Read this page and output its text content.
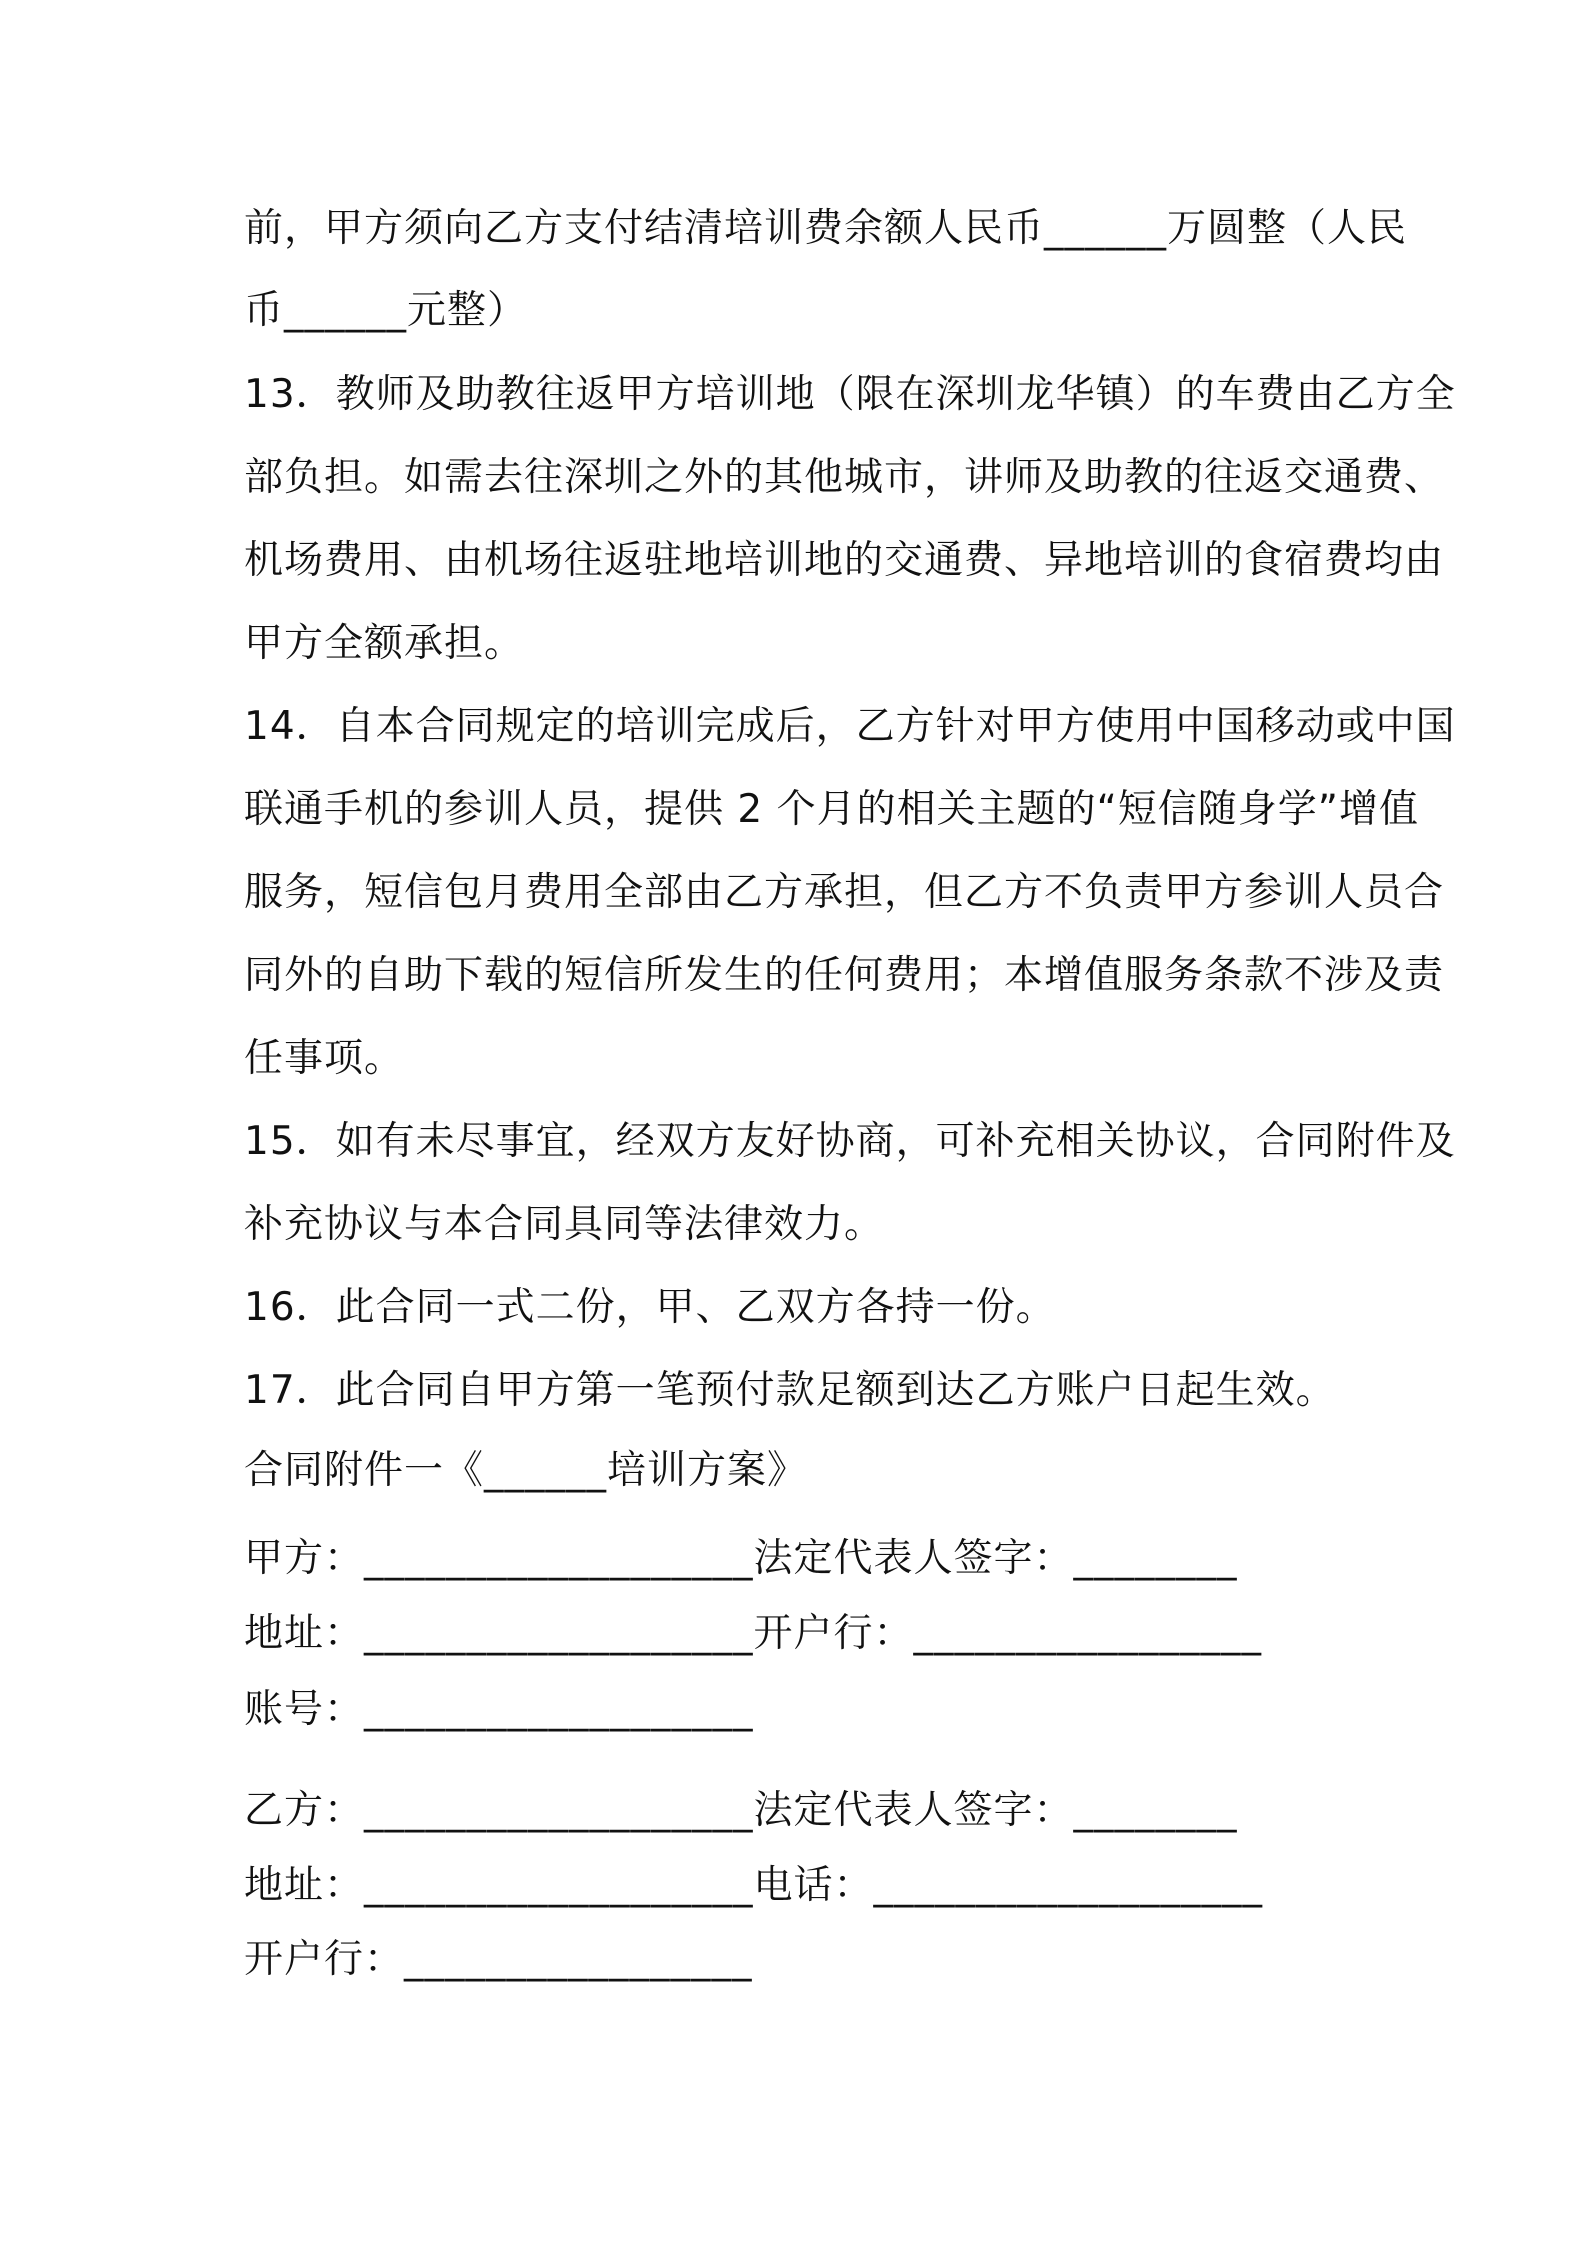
前，甲方须向乙方支付结清培训费余额人民币______万圆整（人民
币______元整）
13．教师及助教往返甲方培训地（限在深圳龙华镇）的车费由乙方全
部负担。如需去往深圳之外的其他城市，讲师及助教的往返交通费、
机场费用、由机场往返驻地培训地的交通费、异地培训的食宿费均由
甲方全额承担。
14．自本合同规定的培训完成后，乙方针对甲方使用中国移动或中国
联通手机的参训人员，提供 2 个月的相关主题的“短信随身学”增值
服务，短信包月费用全部由乙方承担，但乙方不负责甲方参训人员合
同外的自助下载的短信所发生的任何费用；本增值服务条款不涉及责
任事项。
15．如有未尽事宜，经双方友好协商，可补充相关协议，合同附件及
补充协议与本合同具同等法律效力。
16．此合同一式二份，甲、乙双方各持一份。
17．此合同自甲方第一笔预付款足额到达乙方账户日起生效。
合同附件一《______培训方案》
甲方：___________________法定代表人签字：________
地址：___________________开户行：_________________
账号：___________________
乙方：___________________法定代表人签字：________
地址：___________________电话：___________________
开户行：_________________
